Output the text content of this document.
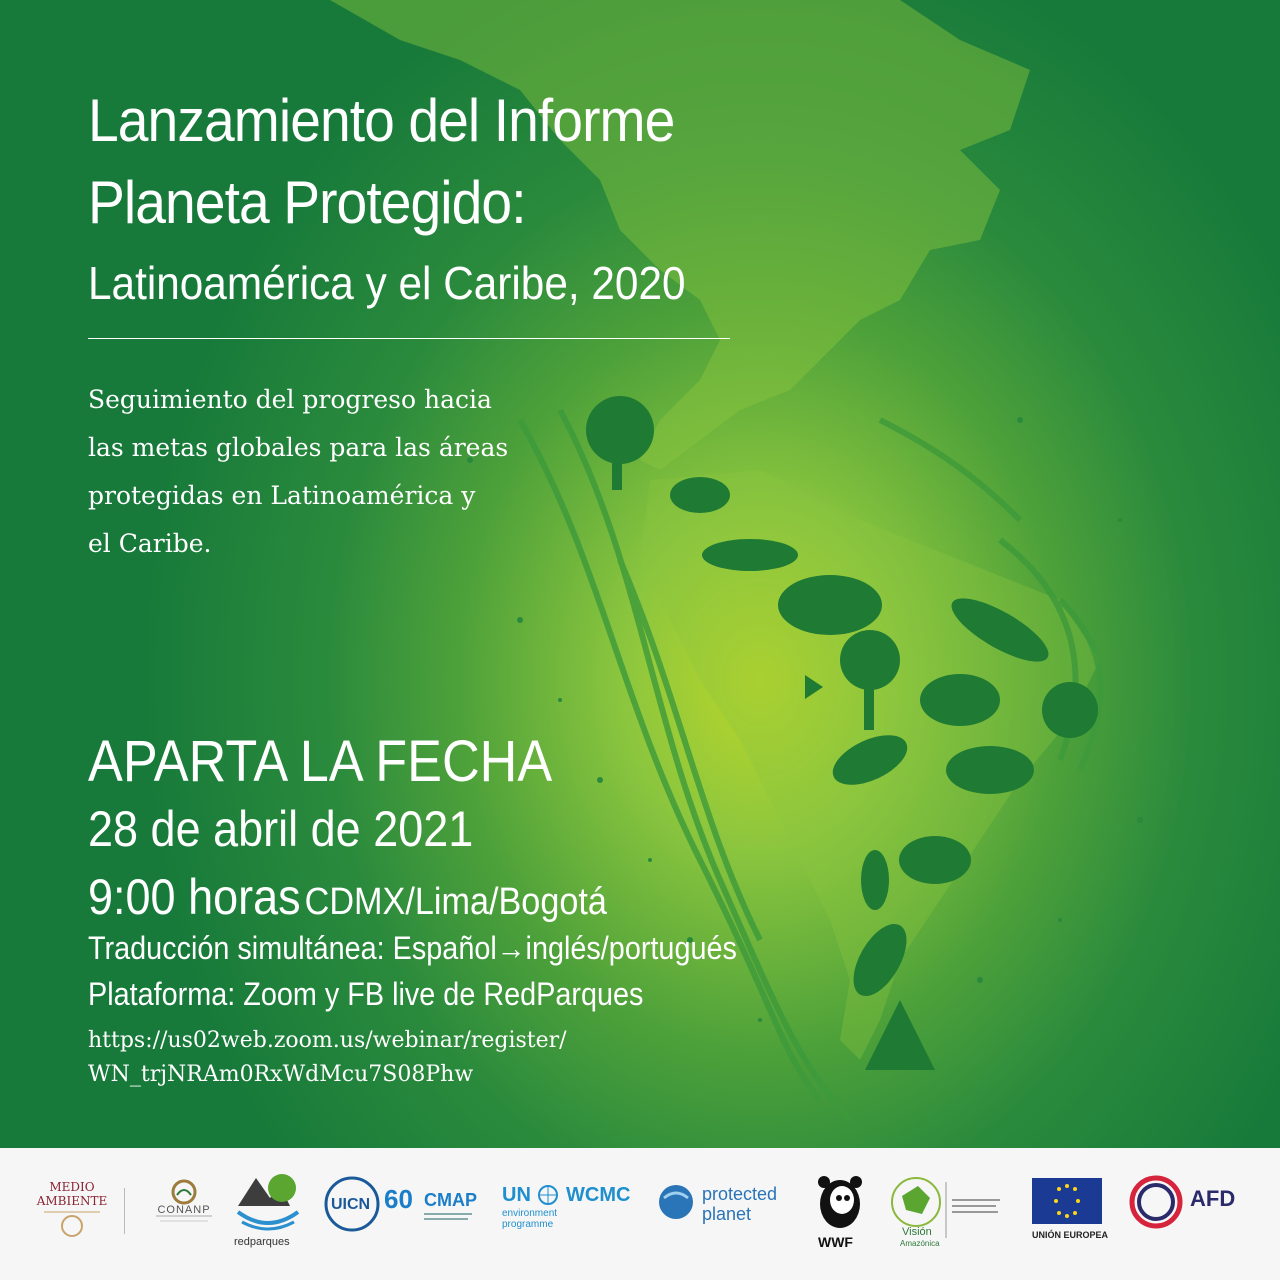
Lanzamiento del Informe
Planeta Protegido:
Latinoamérica y el Caribe, 2020
Seguimiento del progreso hacia
las metas globales para las áreas
protegidas en Latinoamérica y
el Caribe.
APARTA LA FECHA
28 de abril de 2021
9:00 horas CDMX/Lima/Bogotá
Traducción simultánea: Español→inglés/portugués
Plataforma: Zoom y FB live de RedParques
https://us02web.zoom.us/webinar/register/
WN_trjNRAm0RxWdMcu7S08Phw
MEDIO AMBIENTE
CONANP
redparques
UICN 60 CMAP UN
environment
programme
WCMC	protected
planet
WWF
Visión
Amazónica
UNIÓN EUROPEA
AFD
